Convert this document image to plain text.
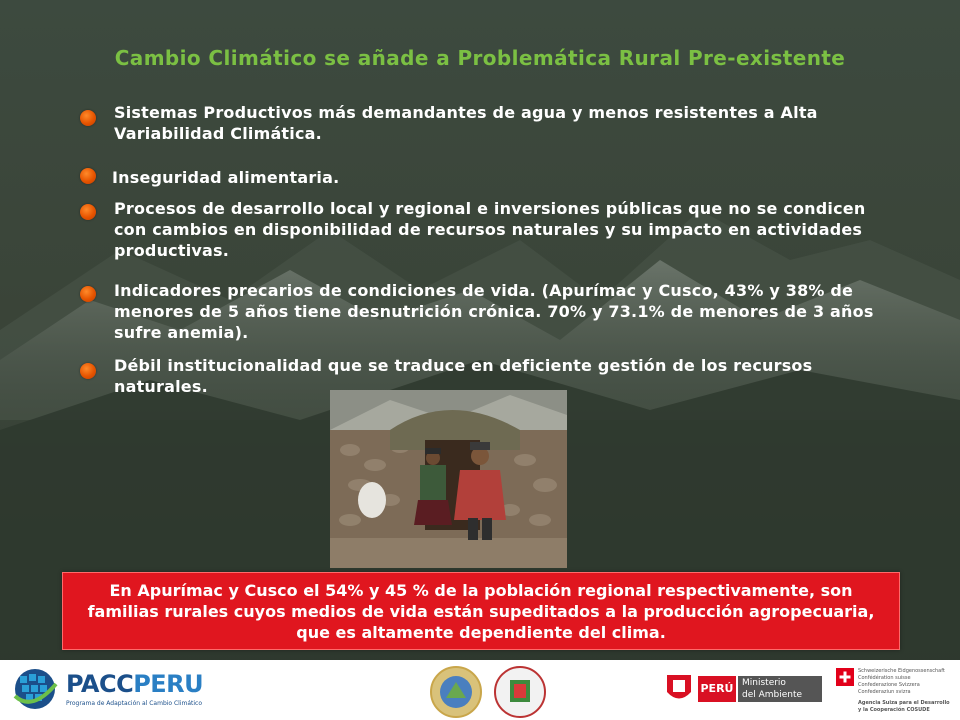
Cambio Climático se añade a Problemática Rural Pre-existente
Sistemas Productivos más demandantes de agua y menos resistentes a Alta Variabilidad Climática.
Inseguridad alimentaria.
Procesos de desarrollo local y regional e inversiones públicas que no se condicen con cambios en disponibilidad de recursos naturales y su impacto en actividades productivas.
Indicadores precarios de condiciones de vida. (Apurímac y Cusco, 43% y 38% de menores de 5 años tiene desnutrición crónica. 70% y 73.1% de menores de 3 años sufre anemia).
Débil institucionalidad que se traduce en deficiente gestión de los recursos naturales.
En Apurímac y Cusco el 54% y 45 % de la población regional respectivamente, son familias rurales cuyos medios de vida están supeditados a la producción agropecuaria, que es altamente dependiente del clima.
PACCPERU
Programa de Adaptación al Cambio Climático
PERÚ Ministerio
del Ambiente
Schweizerische Eidgenossenschaft
Confédération suisse
Confederazione Svizzera
Confederaziun svizra
Agencia Suiza para el Desarrollo
y la Cooperación COSUDE
